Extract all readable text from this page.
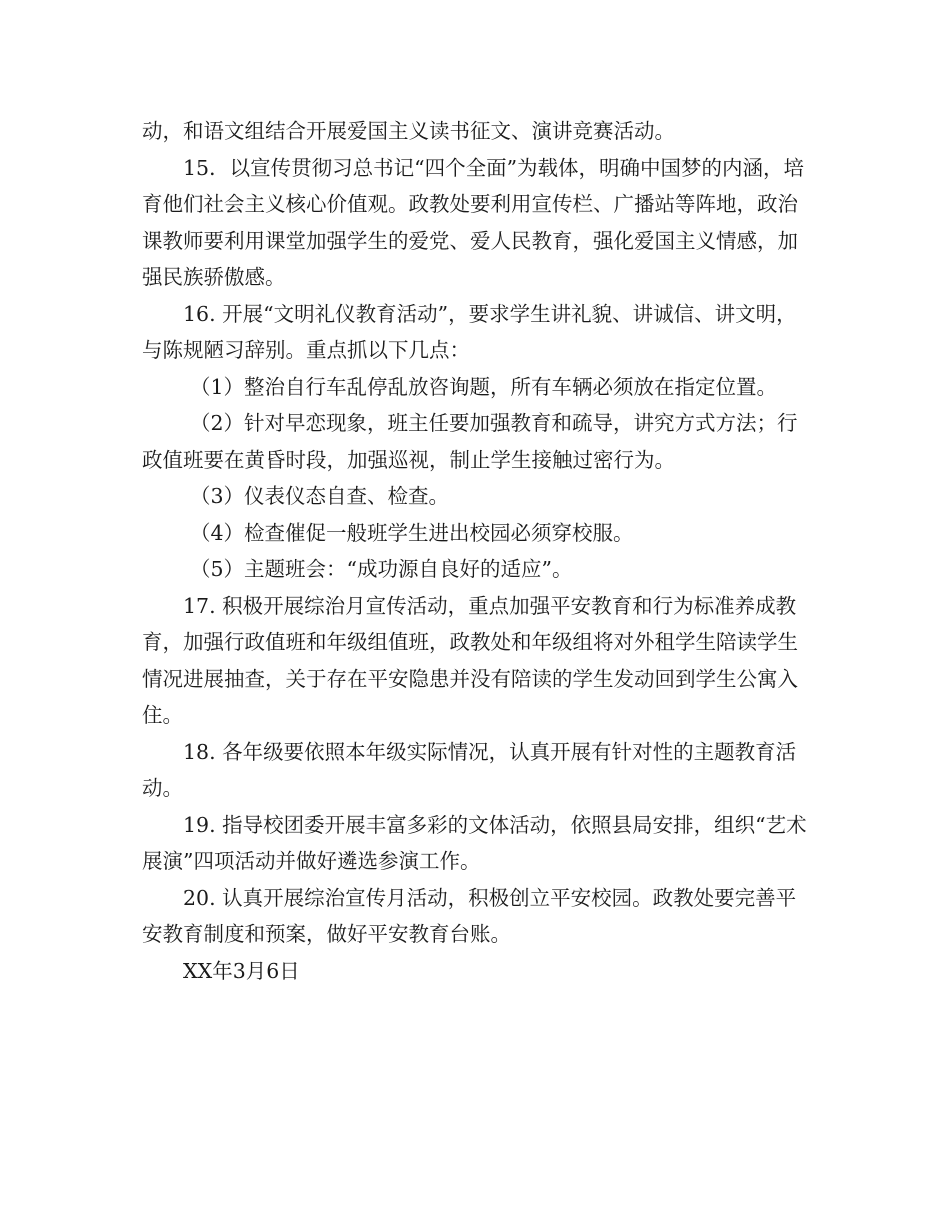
动，和语文组结合开展爱国主义读书征文、演讲竞赛活动。

15．以宣传贯彻习总书记“四个全面”为载体，明确中国梦的内涵，培育他们社会主义核心价值观。政教处要利用宣传栏、广播站等阵地，政治课教师要利用课堂加强学生的爱党、爱人民教育，强化爱国主义情感，加强民族骄傲感。

16. 开展“文明礼仪教育活动”，要求学生讲礼貌、讲诚信、讲文明，与陈规陋习辞别。重点抓以下几点：

（1）整治自行车乱停乱放咨询题，所有车辆必须放在指定位置。

（2）针对早恋现象，班主任要加强教育和疏导，讲究方式方法；行政值班要在黄昏时段，加强巡视，制止学生接触过密行为。

（3）仪表仪态自查、检查。

（4）检查催促一般班学生进出校园必须穿校服。

（5）主题班会：“成功源自良好的适应”。

17. 积极开展综治月宣传活动，重点加强平安教育和行为标准养成教育，加强行政值班和年级组值班，政教处和年级组将对外租学生陪读学生情况进展抽查，关于存在平安隐患并没有陪读的学生发动回到学生公寓入住。

18. 各年级要依照本年级实际情况，认真开展有针对性的主题教育活动。

19. 指导校团委开展丰富多彩的文体活动，依照县局安排，组织“艺术展演”四项活动并做好遴选参演工作。

20. 认真开展综治宣传月活动，积极创立平安校园。政教处要完善平安教育制度和预案，做好平安教育台账。

XX年3月6日
